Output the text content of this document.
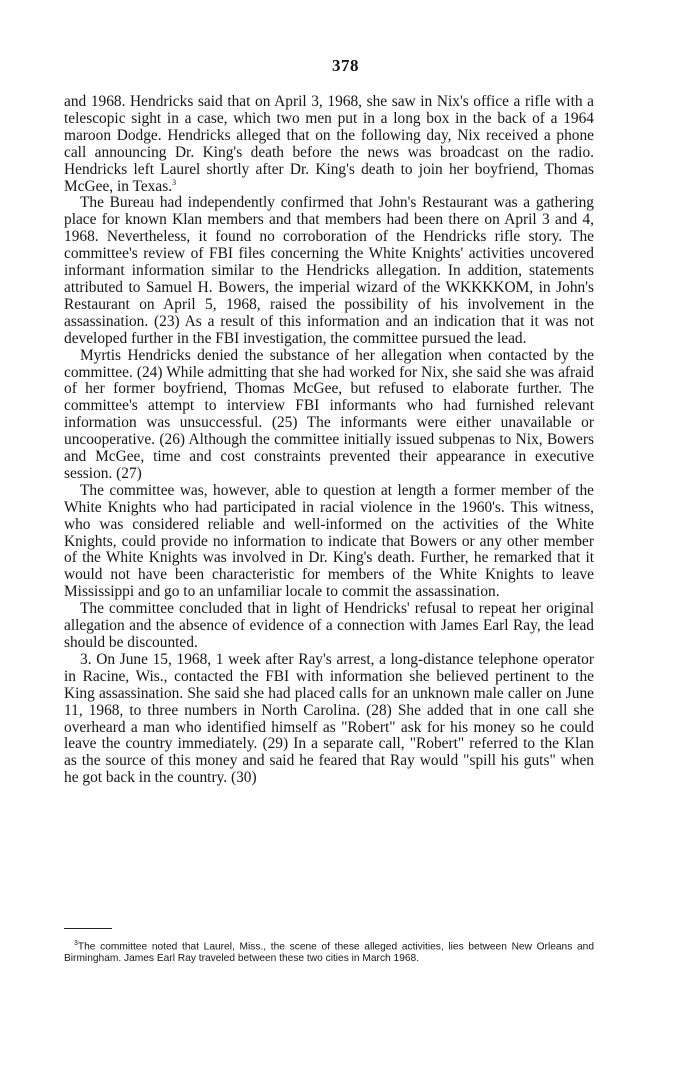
378

and 1968. Hendricks said that on April 3, 1968, she saw in Nix's office a rifle with a telescopic sight in a case, which two men put in a long box in the back of a 1964 maroon Dodge. Hendricks alleged that on the following day, Nix received a phone call announcing Dr. King's death before the news was broadcast on the radio. Hendricks left Laurel shortly after Dr. King's death to join her boyfriend, Thomas McGee, in Texas.$^3$

The Bureau had independently confirmed that John's Restaurant was a gathering place for known Klan members and that members had been there on April 3 and 4, 1968. Nevertheless, it found no corroboration of the Hendricks rifle story. The committee's review of FBI files concerning the White Knights' activities uncovered informant information similar to the Hendricks allegation. In addition, statements attributed to Samuel H. Bowers, the imperial wizard of the WKKKKOM, in John's Restaurant on April 5, 1968, raised the possibility of his involvement in the assassination. (23) As a result of this information and an indication that it was not developed further in the FBI investigation, the committee pursued the lead.

Myrtis Hendricks denied the substance of her allegation when contacted by the committee. (24) While admitting that she had worked for Nix, she said she was afraid of her former boyfriend, Thomas McGee, but refused to elaborate further. The committee's attempt to interview FBI informants who had furnished relevant information was unsuccessful. (25) The informants were either unavailable or uncooperative. (26) Although the committee initially issued subpenas to Nix, Bowers and McGee, time and cost constraints prevented their appearance in executive session. (27)

The committee was, however, able to question at length a former member of the White Knights who had participated in racial violence in the 1960's. This witness, who was considered reliable and well-informed on the activities of the White Knights, could provide no information to indicate that Bowers or any other member of the White Knights was involved in Dr. King's death. Further, he remarked that it would not have been characteristic for members of the White Knights to leave Mississippi and go to an unfamiliar locale to commit the assassination.

The committee concluded that in light of Hendricks' refusal to repeat her original allegation and the absence of evidence of a connection with James Earl Ray, the lead should be discounted.

3. On June 15, 1968, 1 week after Ray's arrest, a long-distance telephone operator in Racine, Wis., contacted the FBI with information she believed pertinent to the King assassination. She said she had placed calls for an unknown male caller on June 11, 1968, to three numbers in North Carolina. (28) She added that in one call she overheard a man who identified himself as "Robert" ask for his money so he could leave the country immediately. (29) In a separate call, "Robert" referred to the Klan as the source of this money and said he feared that Ray would "spill his guts" when he got back in the country. (30)

$^3$The committee noted that Laurel, Miss., the scene of these alleged activities, lies between New Orleans and Birmingham. James Earl Ray traveled between these two cities in March 1968.
